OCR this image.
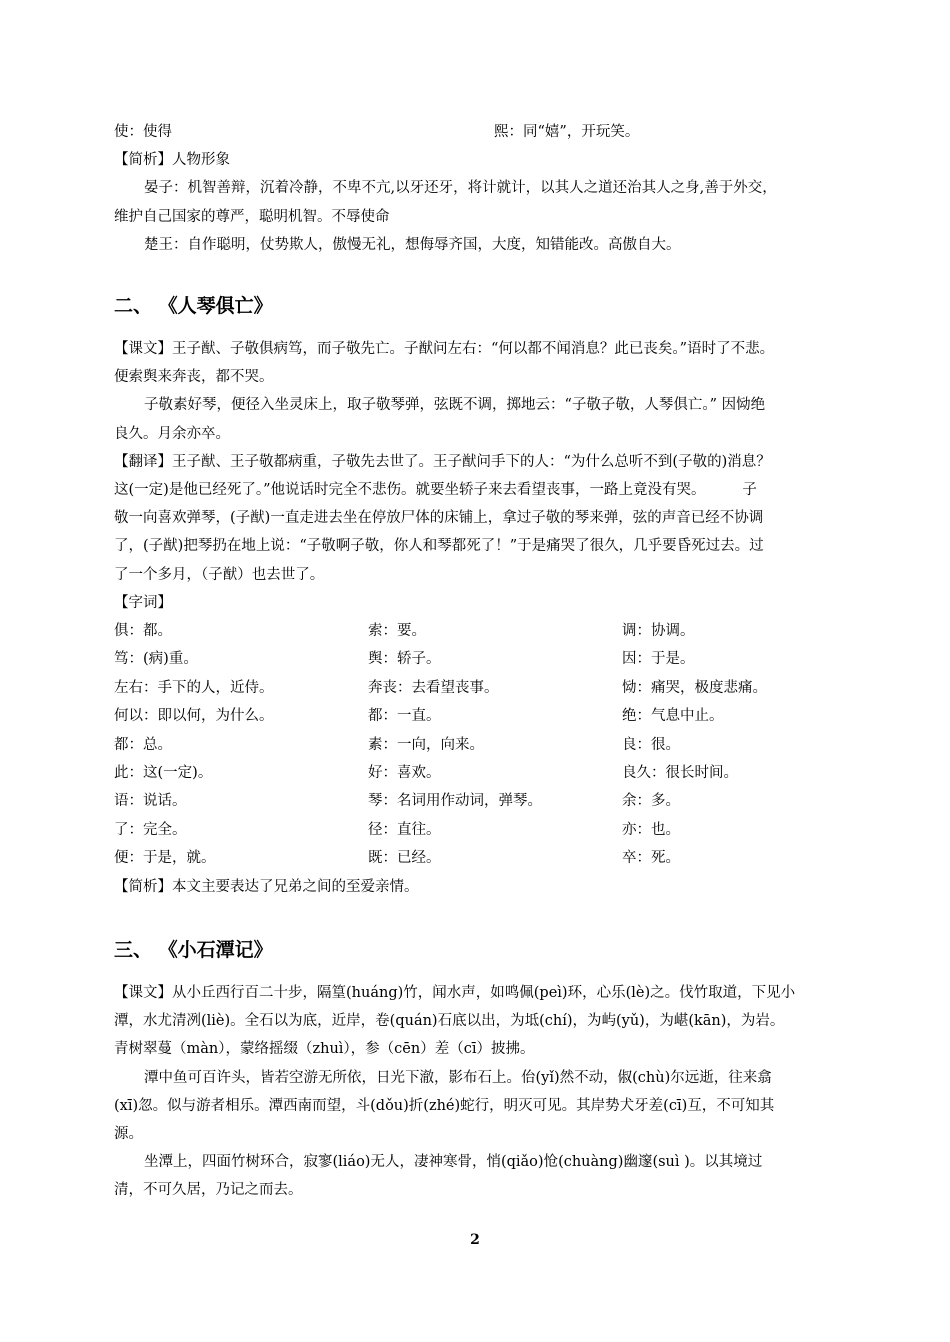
使：使得	熙：同“嬉”，开玩笑。
【简析】人物形象
晏子：机智善辩，沉着冷静，不卑不亢,以牙还牙，将计就计，以其人之道还治其人之身,善于外交，
维护自己国家的尊严，聪明机智。不辱使命
楚王：自作聪明，仗势欺人，傲慢无礼，想侮辱齐国，大度，知错能改。高傲自大。
二、 《人琴俱亡》
【课文】王子猷、子敬俱病笃，而子敬先亡。子猷问左右：“何以都不闻消息？此已丧矣。”语时了不悲。
便索舆来奔丧，都不哭。
子敬素好琴，便径入坐灵床上，取子敬琴弹，弦既不调，掷地云：“子敬子敬，人琴俱亡。” 因恸绝
良久。月余亦卒。
【翻译】王子猷、王子敬都病重，子敬先去世了。王子猷问手下的人：“为什么总听不到(子敬的)消息？
这(一定)是他已经死了。”他说话时完全不悲伤。就要坐轿子来去看望丧事，一路上竟没有哭。        子
敬一向喜欢弹琴，(子猷)一直走进去坐在停放尸体的床铺上，拿过子敬的琴来弹，弦的声音已经不协调
了，(子猷)把琴扔在地上说：“子敬啊子敬，你人和琴都死了！”于是痛哭了很久，几乎要昏死过去。过
了一个多月，（子猷）也去世了。
【字词】
俱：都。	索：要。	调：协调。
笃：(病)重。	舆：轿子。	因：于是。
左右：手下的人，近侍。	奔丧：去看望丧事。	恸：痛哭，极度悲痛。
何以：即以何，为什么。	都：一直。	绝：气息中止。
都：总。	素：一向，向来。	良：很。
此：这(一定)。	好：喜欢。	良久：很长时间。
语：说话。	琴：名词用作动词，弹琴。	余：多。
了：完全。	径：直往。	亦：也。
便：于是，就。	既：已经。	卒：死。
【简析】本文主要表达了兄弟之间的至爱亲情。
三、 《小石潭记》
【课文】从小丘西行百二十步，隔篁(huáng)竹，闻水声，如鸣佩(peì)环，心乐(lè)之。伐竹取道，下见小
潭，水尤清冽(liè)。全石以为底，近岸，卷(quán)石底以出，为坻(chí)，为屿(yǔ)，为嵁(kān)，为岩。
青树翠蔓（màn），蒙络摇缀（zhuì），参（cēn）差（cī）披拂。
潭中鱼可百许头，皆若空游无所依，日光下澈，影布石上。佁(yǐ)然不动，俶(chù)尔远逝，往来翕
(xī)忽。似与游者相乐。潭西南而望，斗(dǒu)折(zhé)蛇行，明灭可见。其岸势犬牙差(cī)互，不可知其
源。
坐潭上，四面竹树环合，寂寥(liáo)无人，凄神寒骨，悄(qiǎo)怆(chuàng)幽邃(suì )。以其境过
清，不可久居，乃记之而去。
2
